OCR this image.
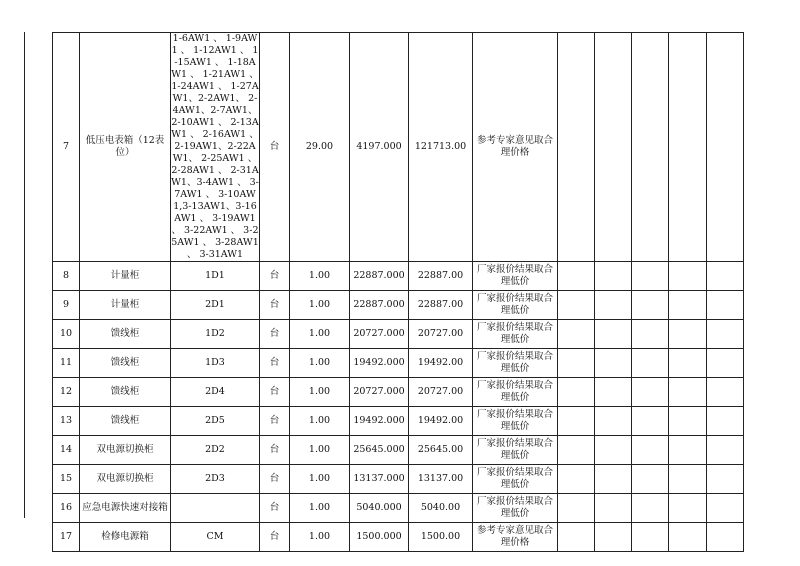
7	低压电表箱（12表位）	1-6AW1 、 1-9AW1 、 1-12AW1 、 1-15AW1 、 1-18AW1 、 1-21AW1 、 1-24AW1 、 1-27AW1、2-2AW1、 2-4AW1、2-7AW1、 2-10AW1 、 2-13AW1 、 2-16AW1 、 2-19AW1、2-22AW1、 2-25AW1 、 2-28AW1 、 2-31AW1、3-4AW1 、 3-7AW1 、 3-10AW1,3-13AW1、3-16AW1 、 3-19AW1 、 3-22AW1 、 3-25AW1 、 3-28AW1 、 3-31AW1	台	29.00	4197.000	121713.00	参考专家意见取合理价格					
8	计量柜	1D1	台	1.00	22887.000	22887.00	厂家报价结果取合理低价					
9	计量柜	2D1	台	1.00	22887.000	22887.00	厂家报价结果取合理低价					
10	馈线柜	1D2	台	1.00	20727.000	20727.00	厂家报价结果取合理低价					
11	馈线柜	1D3	台	1.00	19492.000	19492.00	厂家报价结果取合理低价					
12	馈线柜	2D4	台	1.00	20727.000	20727.00	厂家报价结果取合理低价					
13	馈线柜	2D5	台	1.00	19492.000	19492.00	厂家报价结果取合理低价					
14	双电源切换柜	2D2	台	1.00	25645.000	25645.00	厂家报价结果取合理低价					
15	双电源切换柜	2D3	台	1.00	13137.000	13137.00	厂家报价结果取合理低价					
16	应急电源快速对接箱		台	1.00	5040.000	5040.00	厂家报价结果取合理低价					
17	检修电源箱	CM	台	1.00	1500.000	1500.00	参考专家意见取合理价格					
